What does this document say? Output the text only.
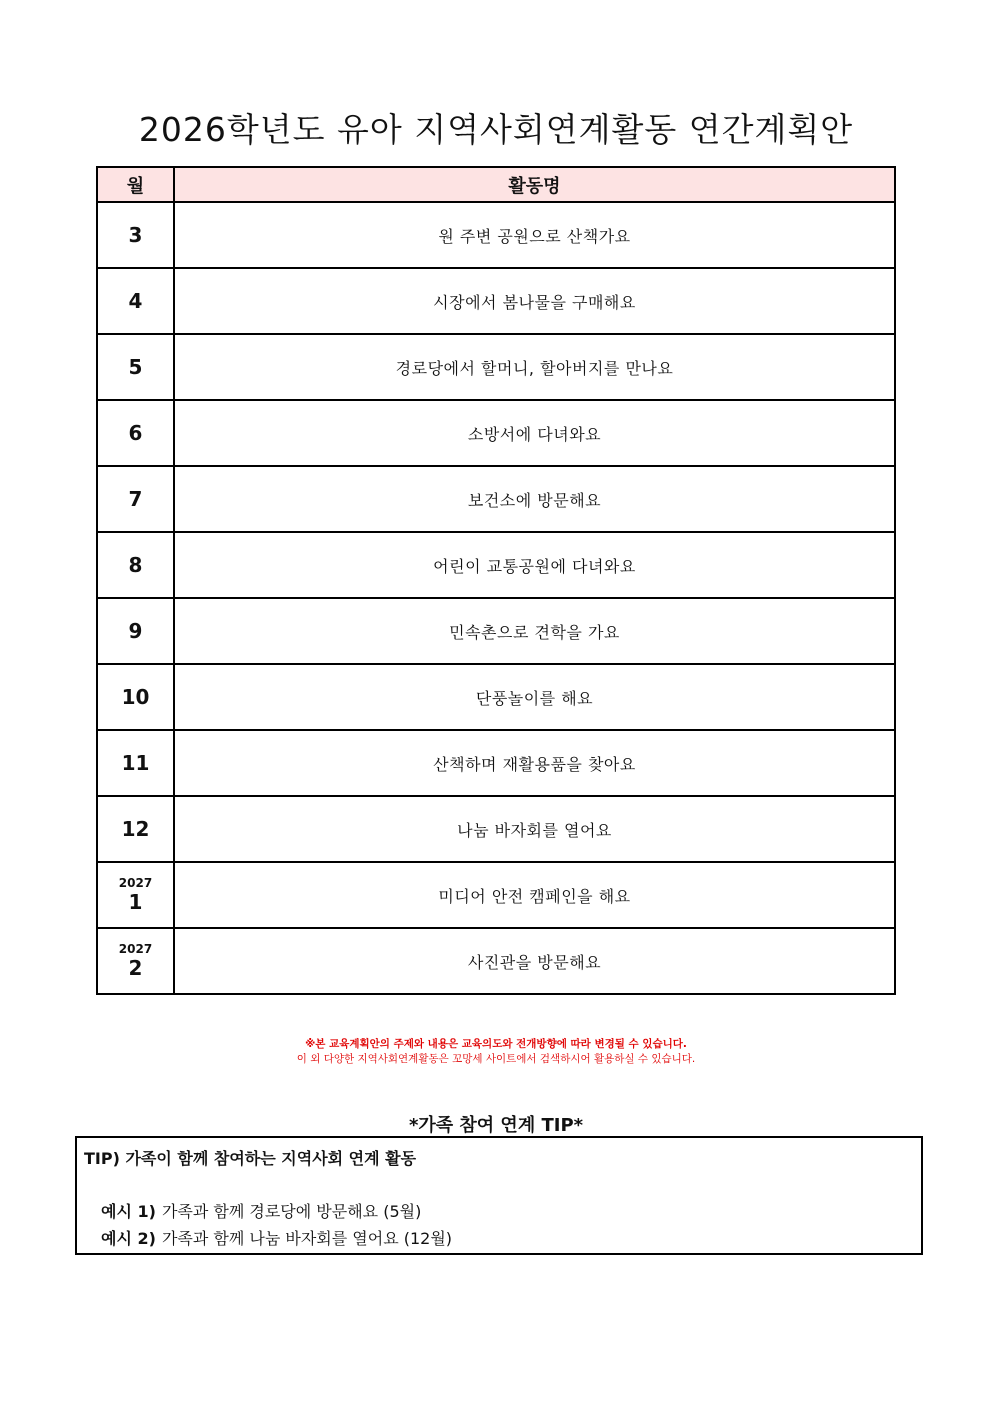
2026학년도 유아 지역사회연계활동 연간계획안
월	활동명
3	원 주변 공원으로 산책가요
4	시장에서 봄나물을 구매해요
5	경로당에서 할머니, 할아버지를 만나요
6	소방서에 다녀와요
7	보건소에 방문해요
8	어린이 교통공원에 다녀와요
9	민속촌으로 견학을 가요
10	단풍놀이를 해요
11	산책하며 재활용품을 찾아요
12	나눔 바자회를 열어요

2027
1	미디어 안전 캠페인을 해요

2027
2	사진관을 방문해요
※본 교육계획안의 주제와 내용은 교육의도와 전개방향에 따라 변경될 수 있습니다.
이 외 다양한 지역사회연계활동은 꼬망세 사이트에서 검색하시어 활용하실 수 있습니다.
*가족 참여 연계 TIP*
TIP) 가족이 함께 참여하는 지역사회 연계 활동
예시 1) 가족과 함께 경로당에 방문해요 (5월)
예시 2) 가족과 함께 나눔 바자회를 열어요 (12월)
